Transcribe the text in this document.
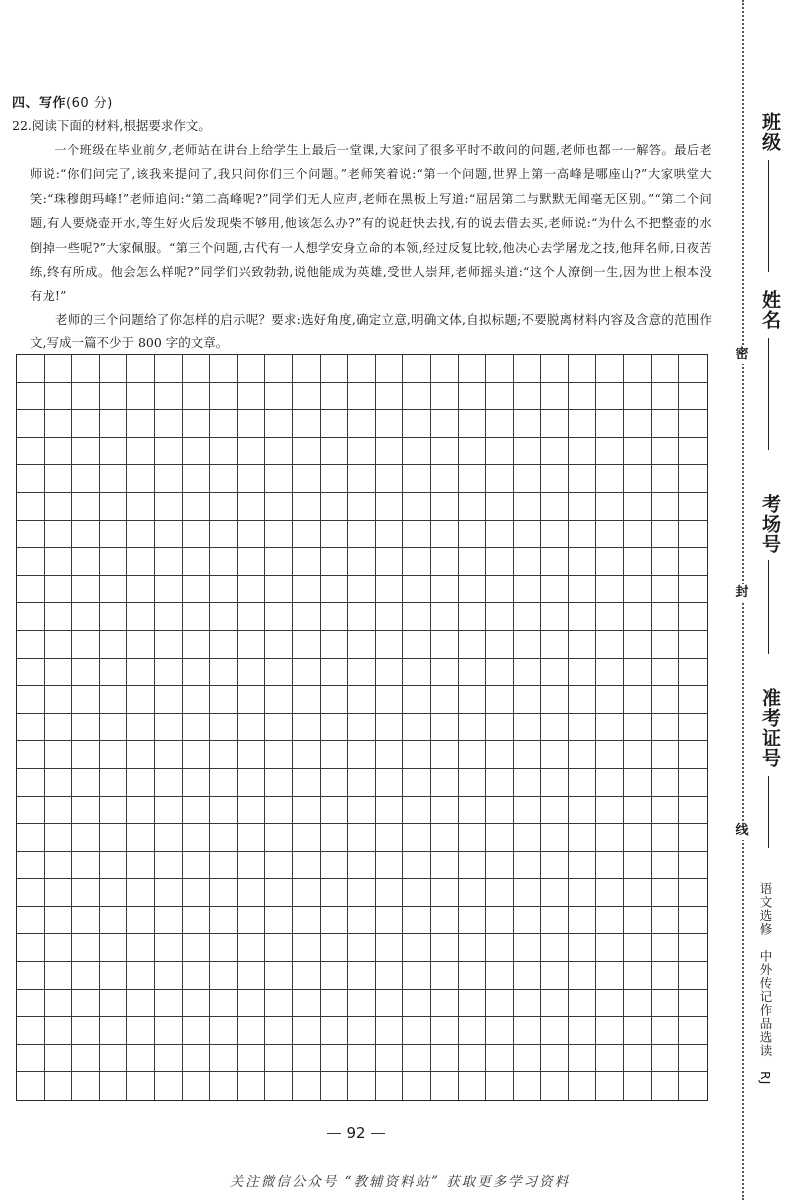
四、写作(60 分)

22.阅读下面的材料,根据要求作文。

一个班级在毕业前夕,老师站在讲台上给学生上最后一堂课,大家问了很多平时不敢问的问题,老师也都一一解答。最后老师说:“你们问完了,该我来提问了,我只问你们三个问题。”老师笑着说:“第一个问题,世界上第一高峰是哪座山?”大家哄堂大笑:“珠穆朗玛峰!”老师追问:“第二高峰呢?”同学们无人应声,老师在黑板上写道:“屈居第二与默默无闻毫无区别。”“第二个问题,有人要烧壶开水,等生好火后发现柴不够用,他该怎么办?”有的说赶快去找,有的说去借去买,老师说:“为什么不把整壶的水倒掉一些呢?”大家佩服。“第三个问题,古代有一人想学安身立命的本领,经过反复比较,他决心去学屠龙之技,他拜名师,日夜苦练,终有所成。他会怎么样呢?”同学们兴致勃勃,说他能成为英雄,受世人崇拜,老师摇头道:“这个人潦倒一生,因为世上根本没有龙!”

老师的三个问题给了你怎样的启示呢？要求:选好角度,确定立意,明确文体,自拟标题;不要脱离材料内容及含意的范围作文,写成一篇不少于 800 字的文章。

92
关注微信公众号 “教辅资料站” 获取更多学习资料
密
封
线
班级
姓名
考场号
准考证号
语文选修　中外传记作品选读　RJ
